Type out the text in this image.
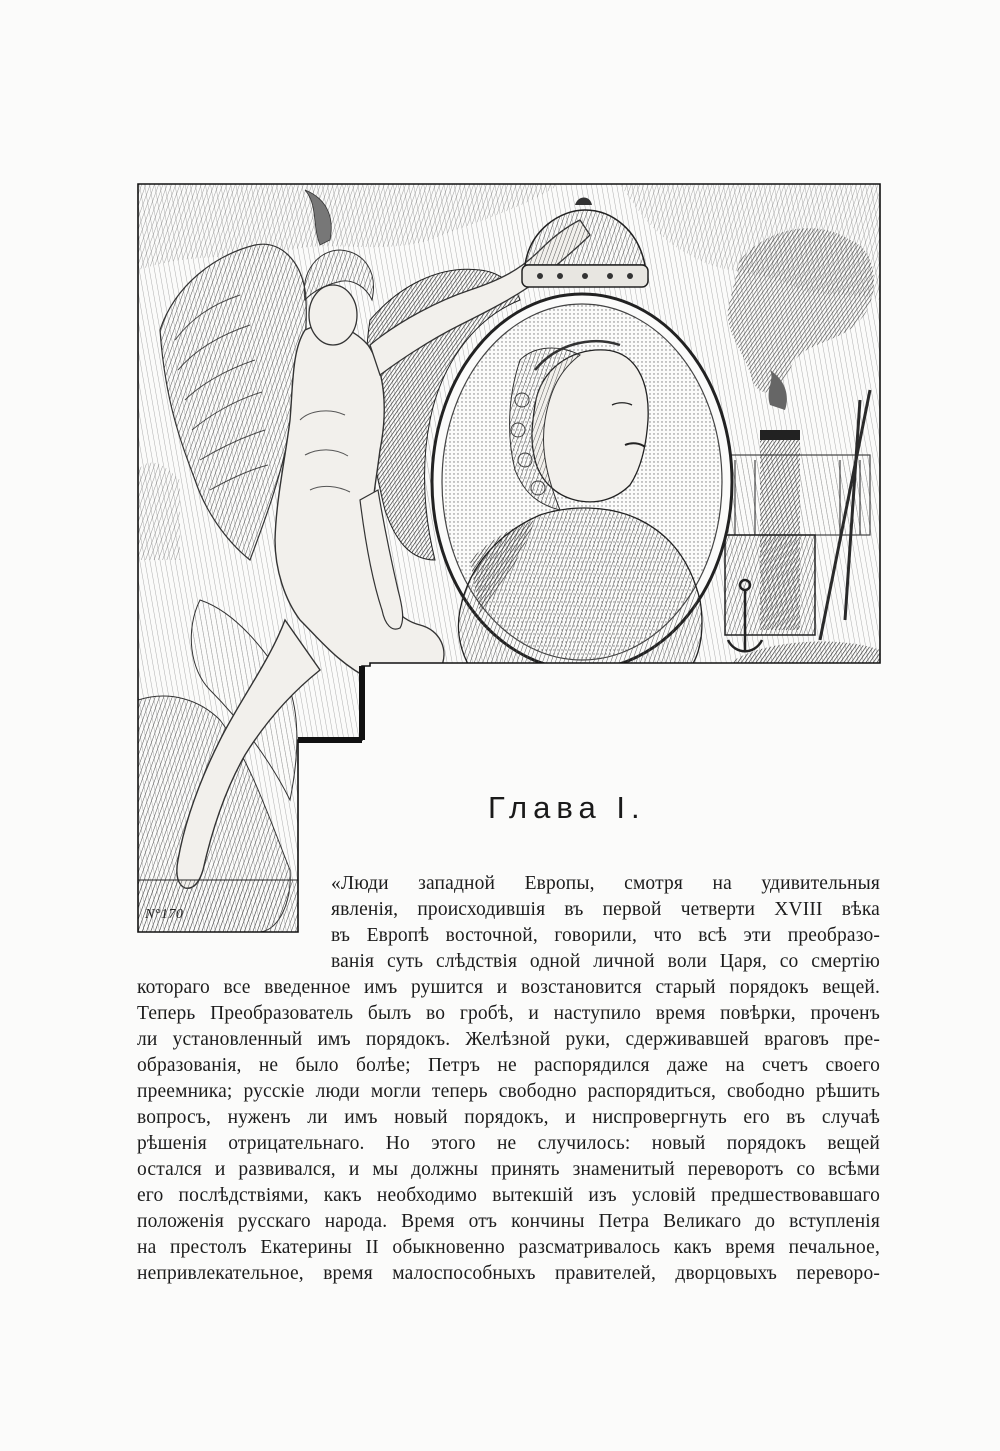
N°170
Глава I.
«Люди западной Европы, смотря на удивительныя
явленія, происходившія въ первой четверти XVIII вѣка
въ Европѣ восточной, говорили, что всѣ эти преобразо-
ванія суть слѣдствія одной личной воли Царя, со смертію
котораго все введенное имъ рушится и возстановится старый порядокъ вещей.
Теперь Преобразователь былъ во гробѣ, и наступило время повѣрки, проченъ
ли установленный имъ порядокъ. Желѣзной руки, сдерживавшей враговъ пре-
образованія, не было болѣе; Петръ не распорядился даже на счетъ своего
преемника; русскіе люди могли теперь свободно распорядиться, свободно рѣшить
вопросъ, нуженъ ли имъ новый порядокъ, и ниспровергнуть его въ случаѣ
рѣшенія отрицательнаго. Но этого не случилось: новый порядокъ вещей
остался и развивался, и мы должны принять знаменитый переворотъ со всѣми
его послѣдствіями, какъ необходимо вытекшій изъ условій предшествовавшаго
положенія русскаго народа. Время отъ кончины Петра Великаго до вступленія
на престолъ Екатерины II обыкновенно разсматривалось какъ время печальное,
непривлекательное, время малоспособныхъ правителей, дворцовыхъ переворо-
